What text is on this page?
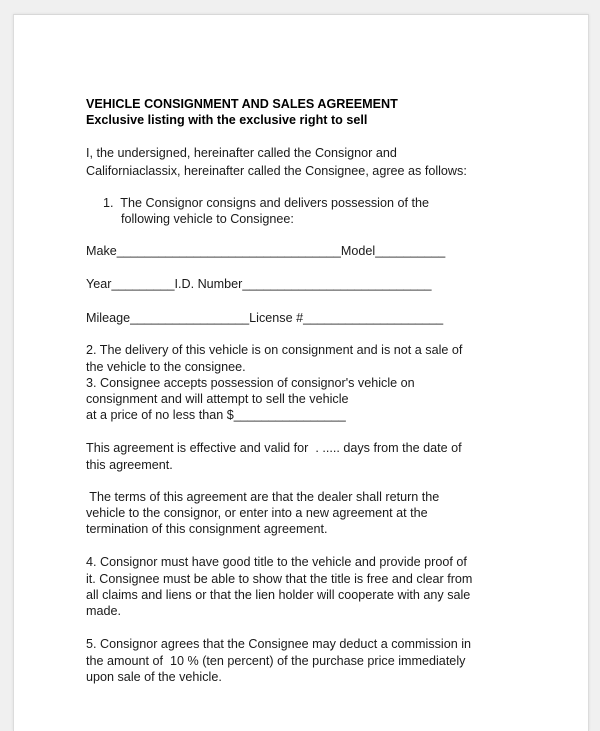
VEHICLE CONSIGNMENT AND SALES AGREEMENT

Exclusive listing with the exclusive right to sell

I, the undersigned, hereinafter called the Consignor and

Californiaclassix, hereinafter called the Consignee, agree as follows:

1.  The Consignor consigns and delivers possession of the

following vehicle to Consignee:

Make________________________________Model__________

Year_________I.D. Number___________________________

Mileage_________________License #____________________

2. The delivery of this vehicle is on consignment and is not a sale of

the vehicle to the consignee.

3. Consignee accepts possession of consignor's vehicle on

consignment and will attempt to sell the vehicle

at a price of no less than $________________

This agreement is effective and valid for  . ..... days from the date of

this agreement.

The terms of this agreement are that the dealer shall return the

vehicle to the consignor, or enter into a new agreement at the

termination of this consignment agreement.

4. Consignor must have good title to the vehicle and provide proof of

it. Consignee must be able to show that the title is free and clear from

all claims and liens or that the lien holder will cooperate with any sale

made.

5. Consignor agrees that the Consignee may deduct a commission in

the amount of  10 % (ten percent) of the purchase price immediately

upon sale of the vehicle.
